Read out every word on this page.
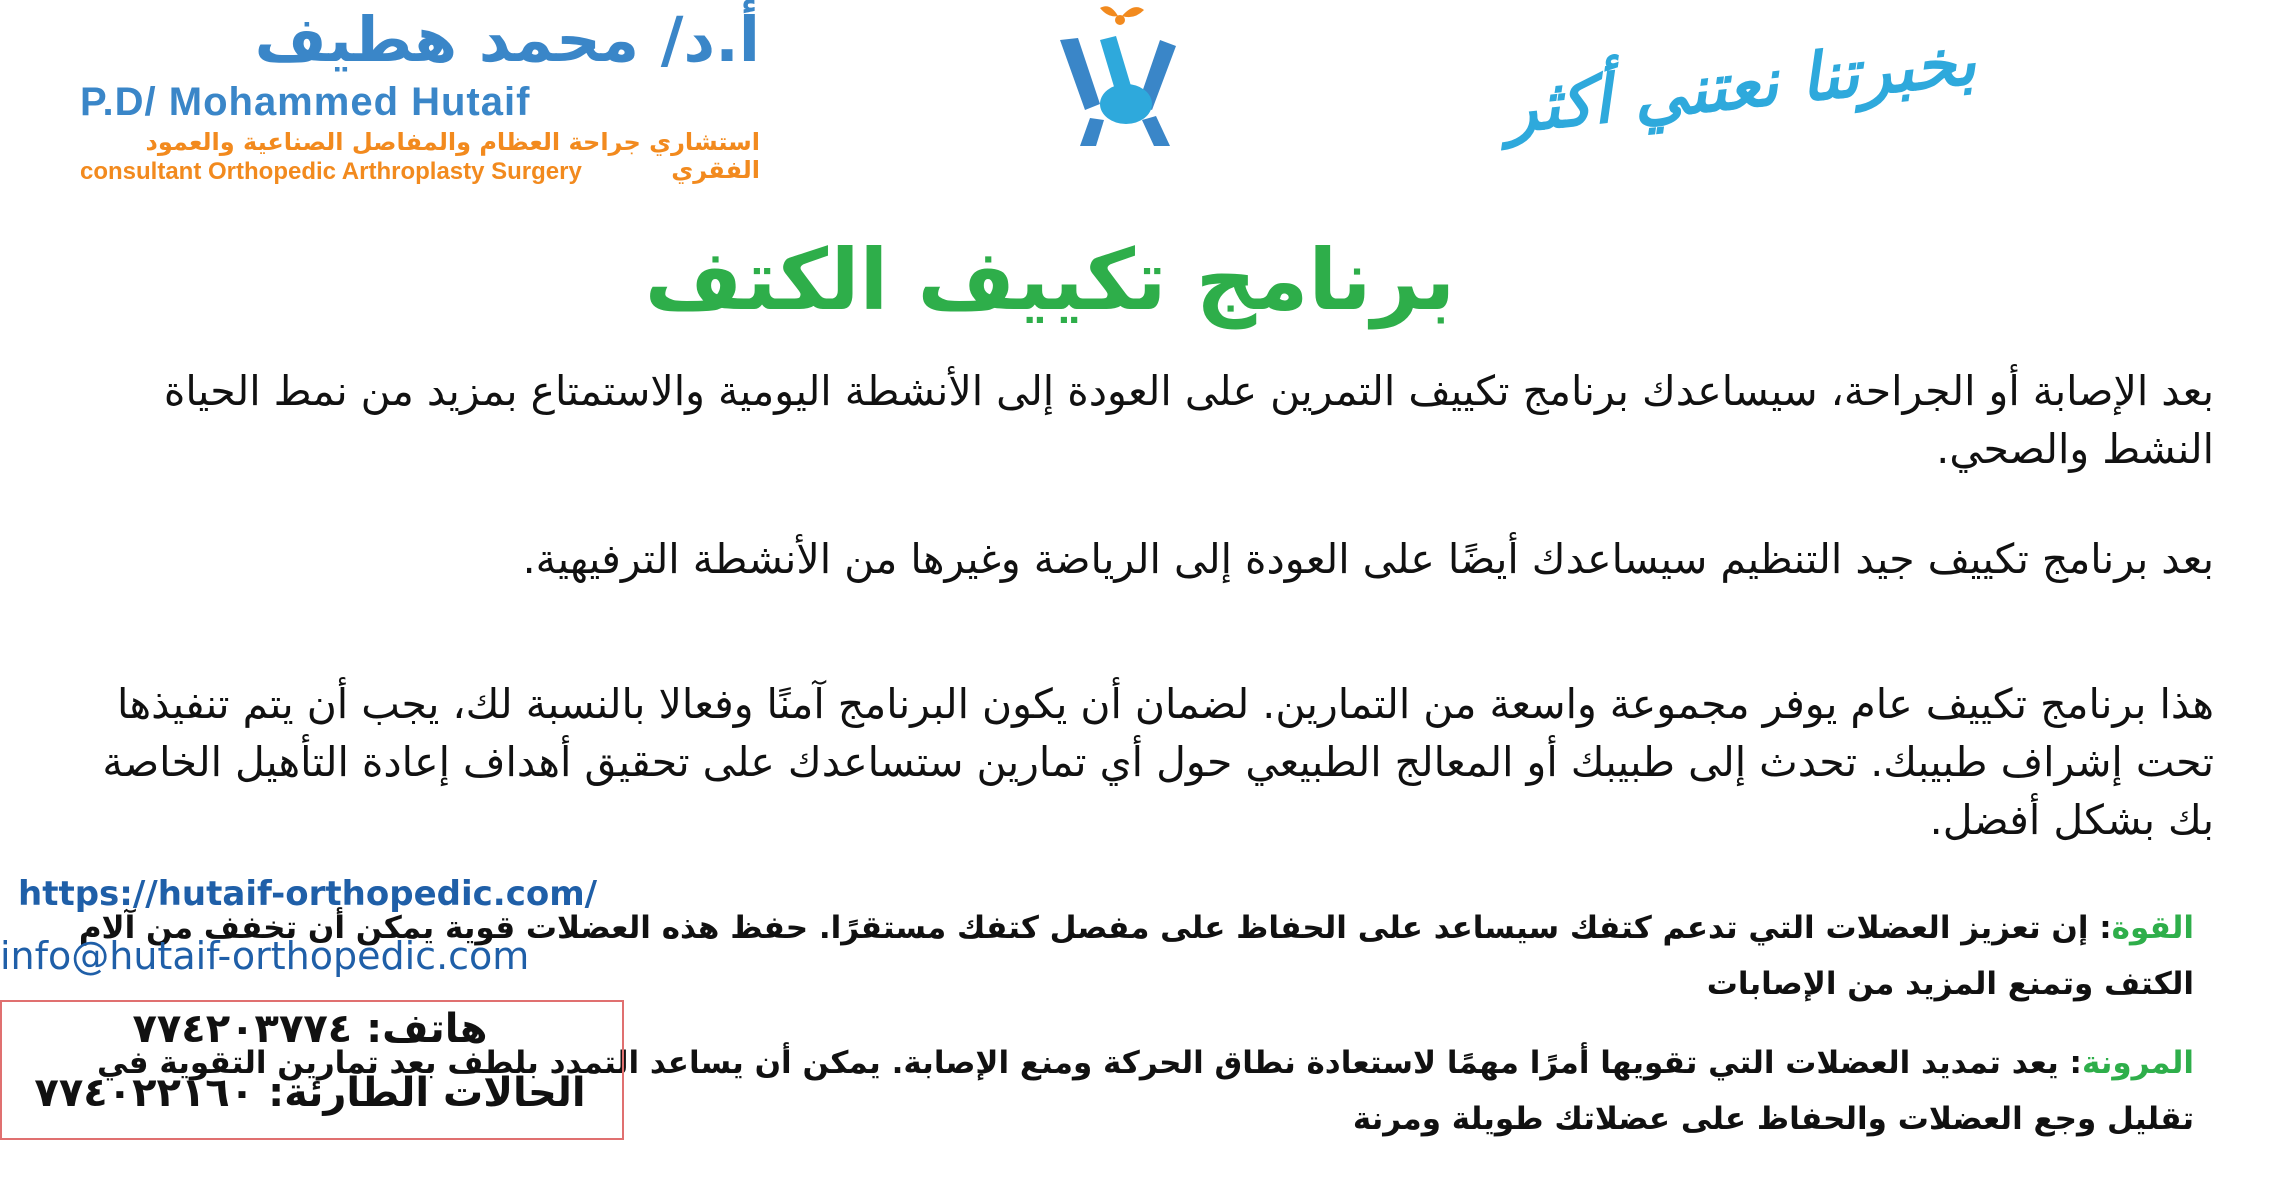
أ.د/ محمد هطيف
P.D/ Mohammed Hutaif
استشاري جراحة العظام والمفاصل الصناعية والعمود الفقري
consultant Orthopedic Arthroplasty Surgery
بخبرتنا نعتني أكثر
برنامج تكييف الكتف
بعد الإصابة أو الجراحة، سيساعدك برنامج تكييف التمرين على العودة إلى الأنشطة اليومية والاستمتاع بمزيد من نمط الحياة النشط والصحي.
بعد برنامج تكييف جيد التنظيم سيساعدك أيضًا على العودة إلى الرياضة وغيرها من الأنشطة الترفيهية.
هذا برنامج تكييف عام يوفر مجموعة واسعة من التمارين. لضمان أن يكون البرنامج آمنًا وفعالا بالنسبة لك، يجب أن يتم تنفيذها تحت إشراف طبيبك. تحدث إلى طبيبك أو المعالج الطبيعي حول أي تمارين ستساعدك على تحقيق أهداف إعادة التأهيل الخاصة بك بشكل أفضل.
القوة: إن تعزيز العضلات التي تدعم كتفك سيساعد على الحفاظ على مفصل كتفك مستقرًا. حفظ هذه العضلات قوية يمكن أن تخفف من آلام الكتف وتمنع المزيد من الإصابات
المرونة: يعد تمديد العضلات التي تقويها أمرًا مهمًا لاستعادة نطاق الحركة ومنع الإصابة. يمكن أن يساعد التمدد بلطف بعد تمارين التقوية في تقليل وجع العضلات والحفاظ على عضلاتك طويلة ومرنة
https://hutaif-orthopedic.com/
info@hutaif-orthopedic.com
هاتف: ٧٧٤٢٠٣٧٧٤
الحالات الطارئة: ٧٧٤٠٢٢١٦٠
